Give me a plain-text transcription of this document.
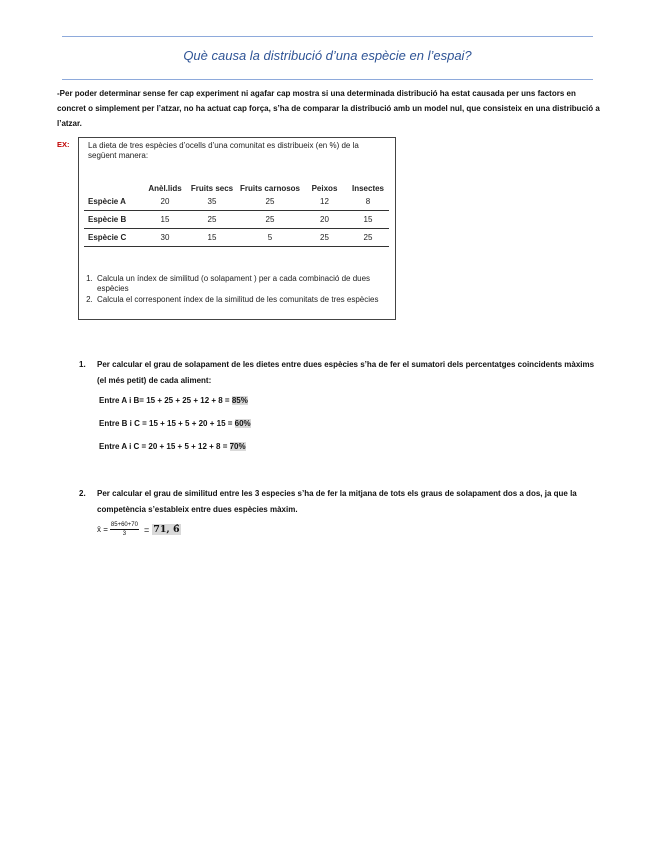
Què causa la distribució d’una espècie en l’espai?
-Per poder determinar sense fer cap experiment ni agafar cap mostra si una determinada distribució ha estat causada per uns factors en concret o simplement per l’atzar, no ha actuat cap força, s’ha de comparar la distribució amb un model nul, que consisteix en una distribució a l’atzar.
EX: La dieta de tres espècies d’ocells d’una comunitat es distribueix (en %) de la següent manera:
	Anèl.lids	Fruits secs	Fruits carnosos	Peixos	Insectes
Espècie A	20	35	25	12	8
Espècie B	15	25	25	20	15
Espècie C	30	15	5	25	25
1. Calcula un índex de similitud (o solapament ) per a cada combinació de dues espècies
2. Calcula el corresponent índex de la similitud de les comunitats de tres espècies
1. Per calcular el grau de solapament de les dietes entre dues espècies s’ha de fer el sumatori dels percentatges coincidents màxims (el més petit) de cada aliment:
Entre A i B= 15 + 25 + 25 + 12 + 8 = 85%
Entre B i C = 15 + 15 + 5 + 20 + 15 = 60%
Entre A i C = 20 + 15 + 5 + 12 + 8 = 70%
2. Per calcular el grau de similitud entre les 3 especies s’ha de fer la mitjana de tots els graus de solapament dos a dos, ja que la competència s’estableix entre dues espècies màxim.
x̄ = $\frac{85+60+70}{3} = 71$, 6̂
